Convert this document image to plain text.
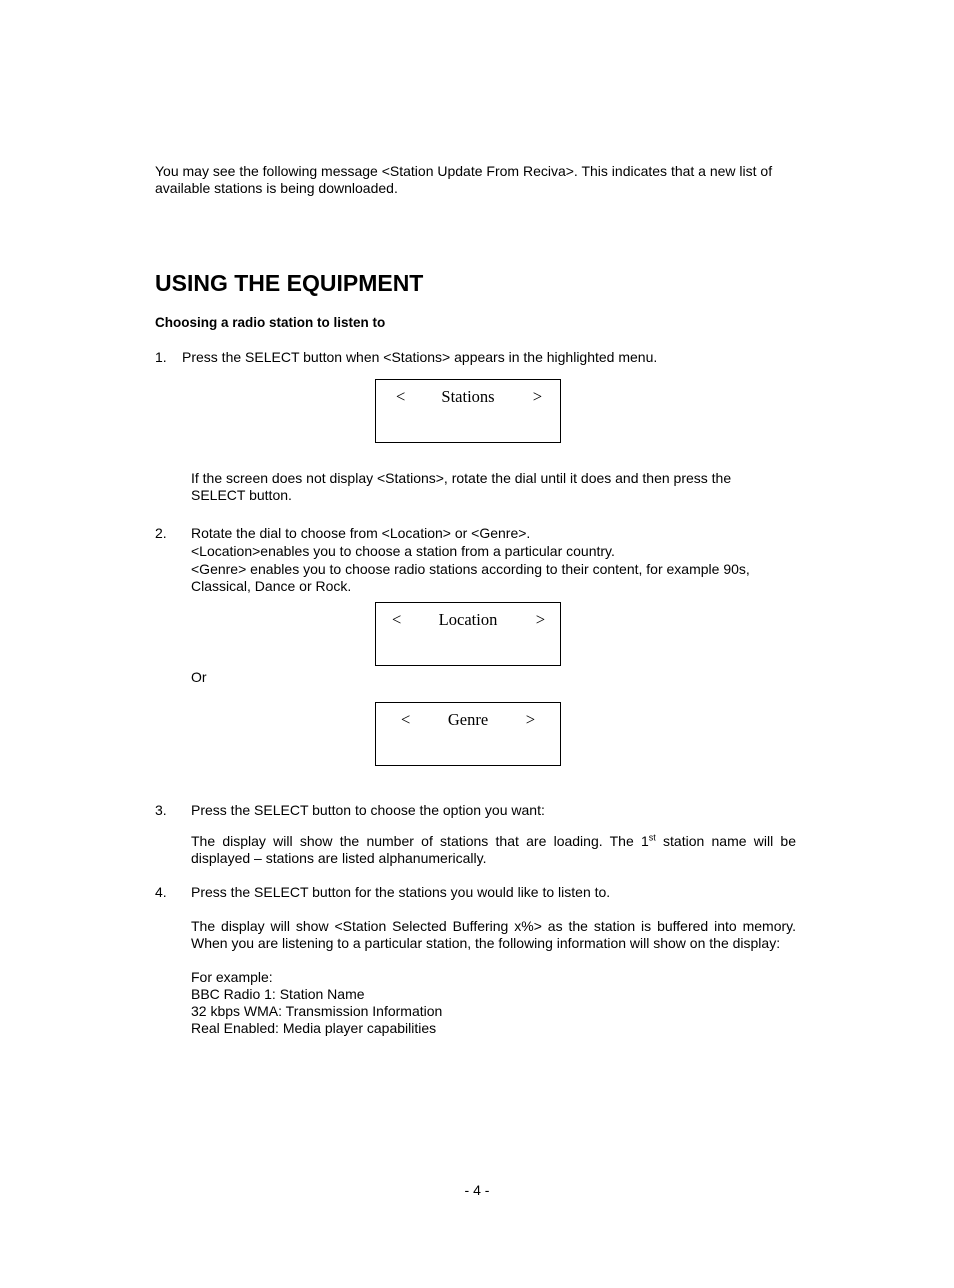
You may see the following message <Station Update From Reciva>. This indicates that a new list of available stations is being downloaded.

USING THE EQUIPMENT
Choosing a radio station to listen to
1. Press the SELECT button when <Stations> appears in the highlighted menu.

<	Stations	>

If the screen does not display <Stations>, rotate the dial until it does and then press the SELECT button.

2. Rotate the dial to choose from <Location> or <Genre>.

<Location>enables you to choose a station from a particular country.

<Genre> enables you to choose radio stations according to their content, for example 90s, Classical, Dance or Rock.

<	Location	>

Or

<	Genre	>
3. Press the SELECT button to choose the option you want:

The display will show the number of stations that are loading. The 1st station name will be displayed – stations are listed alphanumerically.

4. Press the SELECT button for the stations you would like to listen to.

The display will show <Station Selected Buffering x%> as the station is buffered into memory. When you are listening to a particular station, the following information will show on the display:

For example:

BBC Radio 1: Station Name

32 kbps WMA: Transmission Information

Real Enabled: Media player capabilities

- 4 -
